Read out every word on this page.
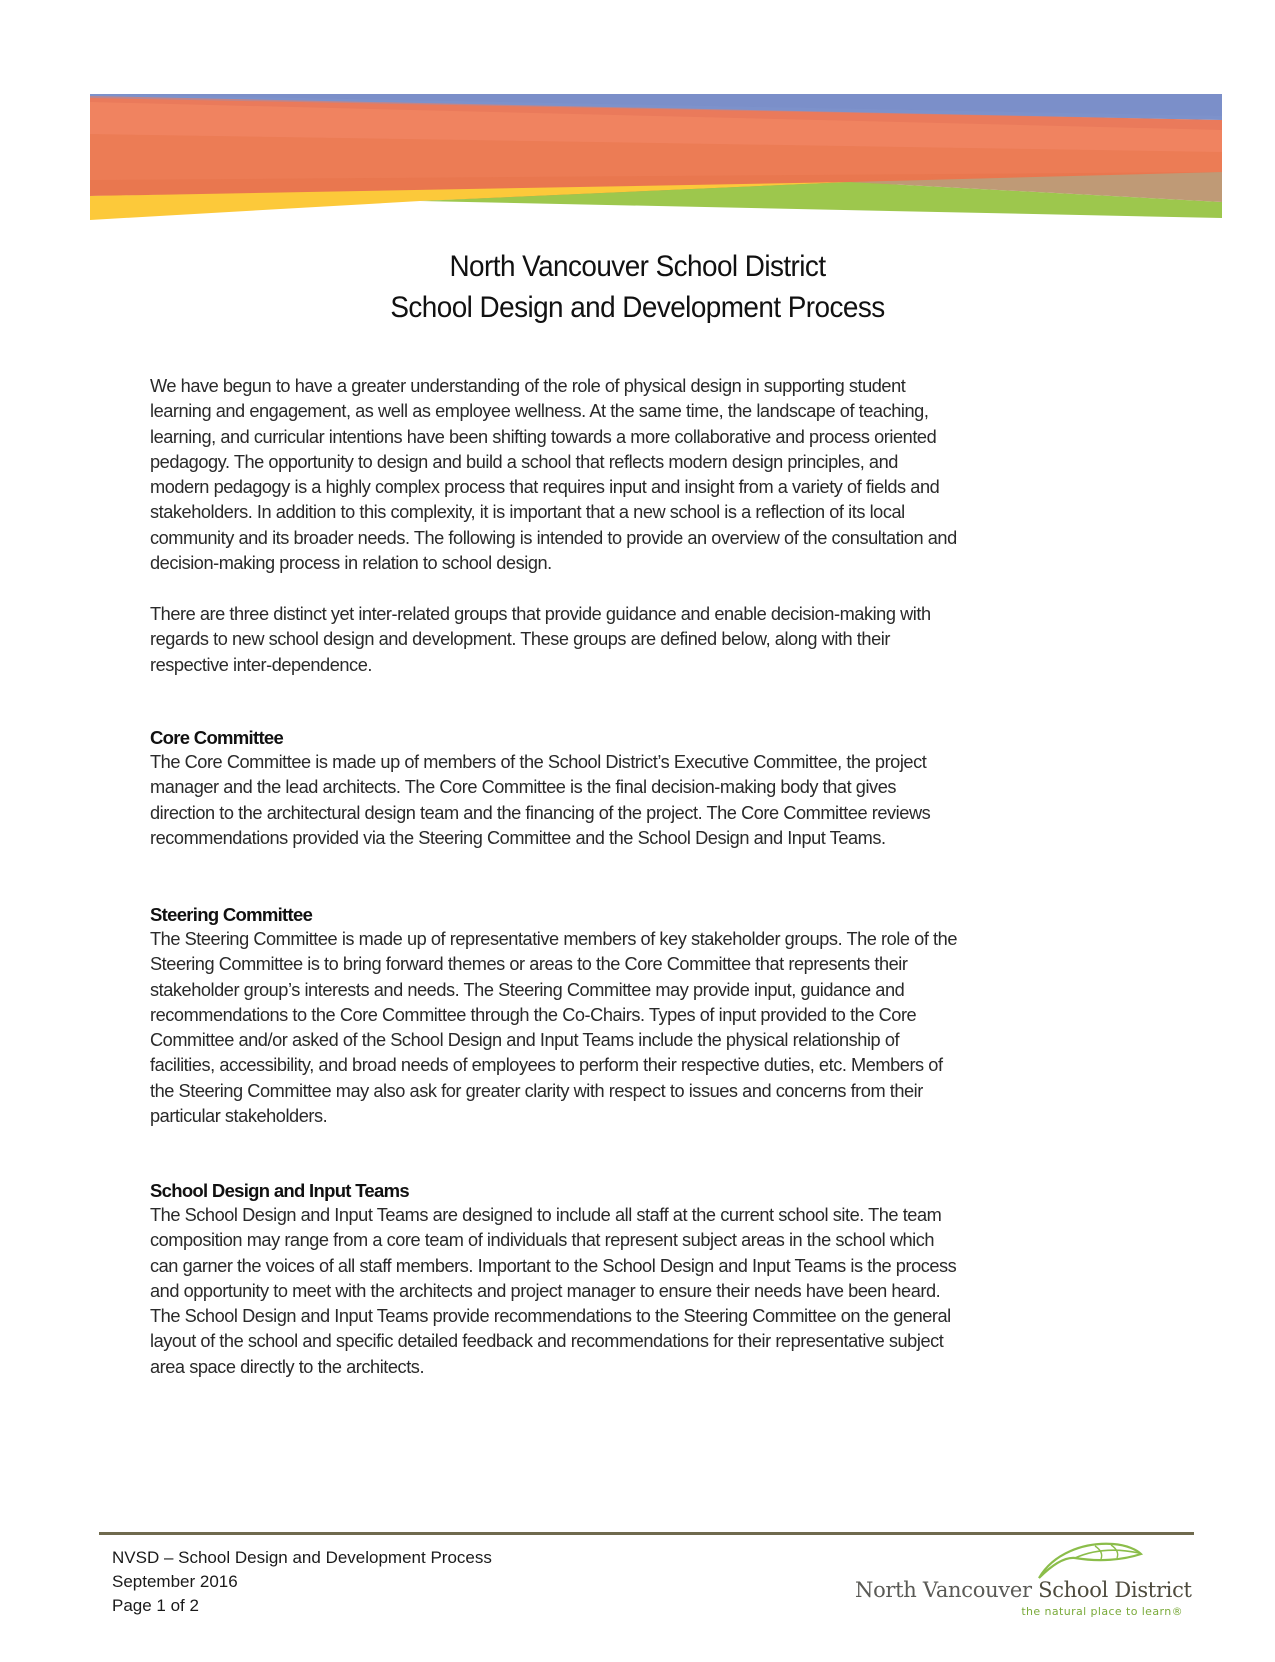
North Vancouver School District
School Design and Development Process

We have begun to have a greater understanding of the role of physical design in supporting student
learning and engagement, as well as employee wellness. At the same time, the landscape of teaching,
learning, and curricular intentions have been shifting towards a more collaborative and process oriented
pedagogy. The opportunity to design and build a school that reflects modern design principles, and
modern pedagogy is a highly complex process that requires input and insight from a variety of fields and
stakeholders. In addition to this complexity, it is important that a new school is a reflection of its local
community and its broader needs. The following is intended to provide an overview of the consultation and
decision-making process in relation to school design.

There are three distinct yet inter-related groups that provide guidance and enable decision-making with
regards to new school design and development. These groups are defined below, along with their
respective inter-dependence.

Core Committee

The Core Committee is made up of members of the School District’s Executive Committee, the project
manager and the lead architects. The Core Committee is the final decision-making body that gives
direction to the architectural design team and the financing of the project. The Core Committee reviews
recommendations provided via the Steering Committee and the School Design and Input Teams.

Steering Committee

The Steering Committee is made up of representative members of key stakeholder groups. The role of the
Steering Committee is to bring forward themes or areas to the Core Committee that represents their
stakeholder group’s interests and needs. The Steering Committee may provide input, guidance and
recommendations to the Core Committee through the Co-Chairs. Types of input provided to the Core
Committee and/or asked of the School Design and Input Teams include the physical relationship of
facilities, accessibility, and broad needs of employees to perform their respective duties, etc. Members of
the Steering Committee may also ask for greater clarity with respect to issues and concerns from their
particular stakeholders.

School Design and Input Teams

The School Design and Input Teams are designed to include all staff at the current school site. The team
composition may range from a core team of individuals that represent subject areas in the school which
can garner the voices of all staff members. Important to the School Design and Input Teams is the process
and opportunity to meet with the architects and project manager to ensure their needs have been heard.
The School Design and Input Teams provide recommendations to the Steering Committee on the general
layout of the school and specific detailed feedback and recommendations for their representative subject
area space directly to the architects.

NVSD – School Design and Development Process
September 2016
Page 1 of 2
North Vancouver School District
the natural place to learn®
